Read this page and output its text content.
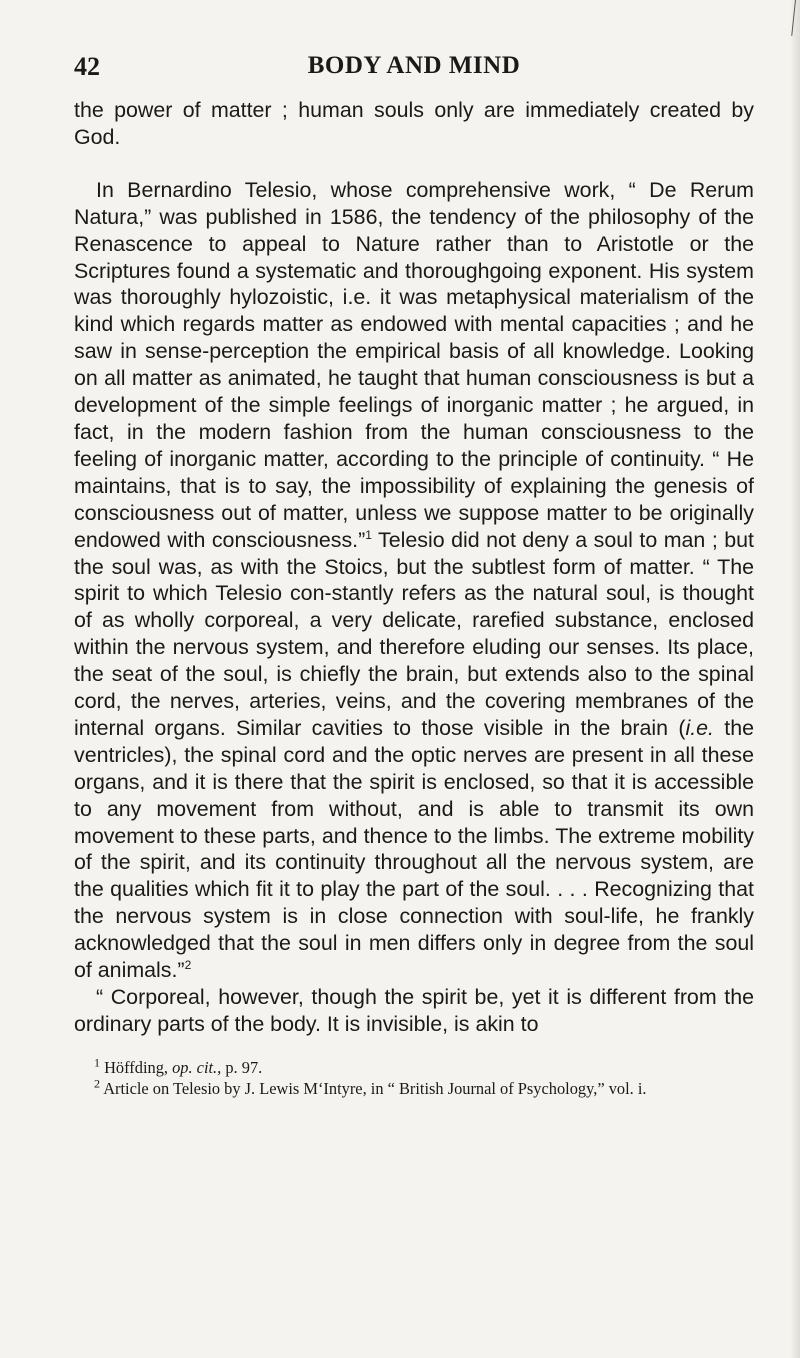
42	BODY AND MIND

the power of matter ; human souls only are immediately created by God.

In Bernardino Telesio, whose comprehensive work, “ De Rerum Natura,” was published in 1586, the tendency of the philosophy of the Renascence to appeal to Nature rather than to Aristotle or the Scriptures found a systematic and thoroughgoing exponent. His system was thoroughly hylozoistic, i.e. it was metaphysical materialism of the kind which regards matter as endowed with mental capacities ; and he saw in sense-perception the empirical basis of all knowledge. Looking on all matter as animated, he taught that human consciousness is but a development of the simple feelings of inorganic matter ; he argued, in fact, in the modern fashion from the human consciousness to the feeling of inorganic matter, according to the principle of continuity. “ He maintains, that is to say, the impossibility of explaining the genesis of consciousness out of matter, unless we suppose matter to be originally endowed with consciousness.”$^1$ Telesio did not deny a soul to man ; but the soul was, as with the Stoics, but the subtlest form of matter. “ The spirit to which Telesio con-stantly refers as the natural soul, is thought of as wholly corporeal, a very delicate, rarefied substance, enclosed within the nervous system, and therefore eluding our senses. Its place, the seat of the soul, is chiefly the brain, but extends also to the spinal cord, the nerves, arteries, veins, and the covering membranes of the internal organs. Similar cavities to those visible in the brain (i.e. the ventricles), the spinal cord and the optic nerves are present in all these organs, and it is there that the spirit is enclosed, so that it is accessible to any movement from without, and is able to transmit its own movement to these parts, and thence to the limbs. The extreme mobility of the spirit, and its continuity throughout all the nervous system, are the qualities which fit it to play the part of the soul. . . . Recognizing that the nervous system is in close connection with soul-life, he frankly acknowledged that the soul in men differs only in degree from the soul of animals.”$^2$

“ Corporeal, however, though the spirit be, yet it is different from the ordinary parts of the body. It is invisible, is akin to

$^1$ Höffding, op. cit., p. 97.

$^2$ Article on Telesio by J. Lewis M‘Intyre, in “ British Journal of Psychology,” vol. i.
